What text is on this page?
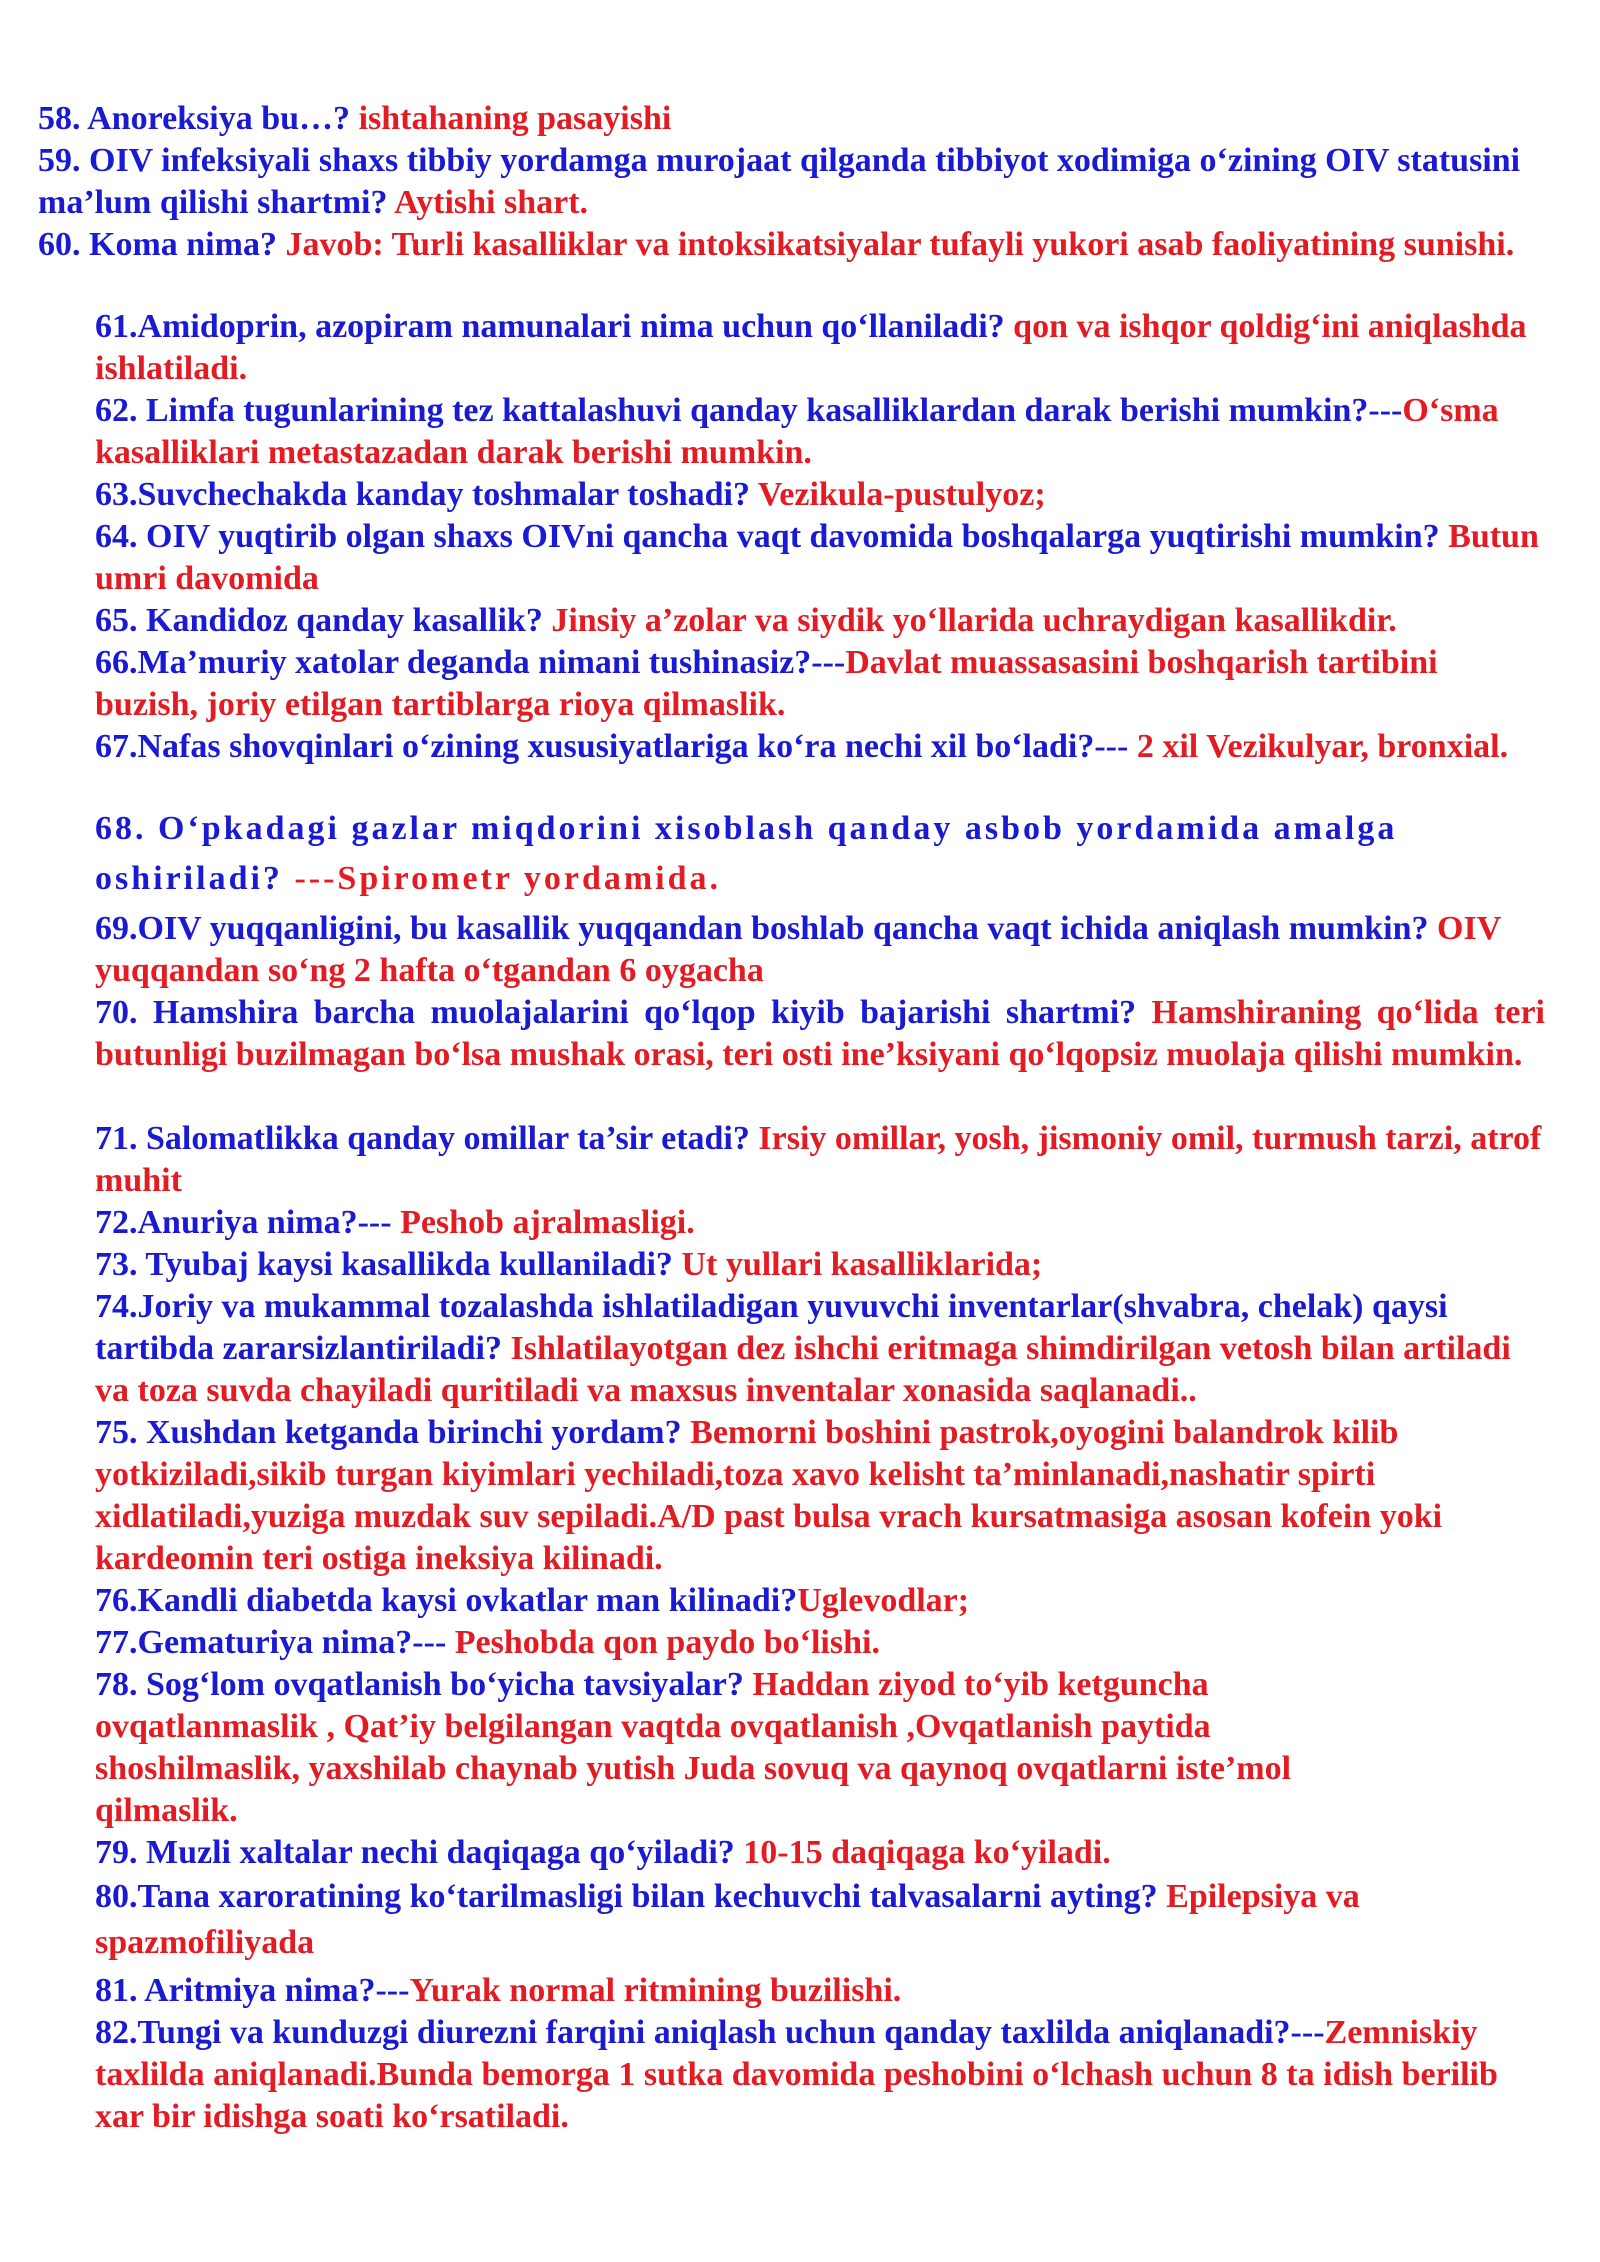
58. Anoreksiya bu…? ishtahaning pasayishi

59. OIV infeksiyali shaxs tibbiy yordamga murojaat qilganda tibbiyot xodimiga o‘zining OIV statusini ma’lum qilishi shartmi? Aytishi shart.

60. Koma nima? Javob: Turli kasalliklar va intoksikatsiyalar tufayli yukori asab faoliyatining sunishi.

61.Amidoprin, azopiram namunalari nima uchun qo‘llaniladi? qon va ishqor qoldig‘ini aniqlashda ishlatiladi.

62. Limfa tugunlarining tez kattalashuvi qanday kasalliklardan darak berishi mumkin?---O‘sma kasalliklari metastazadan darak berishi mumkin.

63.Suvchechakda kanday toshmalar toshadi? Vezikula-pustulyoz;

64. OIV yuqtirib olgan shaxs OIVni qancha vaqt davomida boshqalarga yuqtirishi mumkin? Butun umri davomida

65. Kandidoz qanday kasallik? Jinsiy a’zolar va siydik yo‘llarida uchraydigan kasallikdir.

66.Ma’muriy xatolar deganda nimani tushinasiz?---Davlat muassasasini boshqarish tartibini buzish, joriy etilgan tartiblarga rioya qilmaslik.

67.Nafas shovqinlari o‘zining xususiyatlariga ko‘ra nechi xil bo‘ladi?--- 2 xil Vezikulyar, bronxial.

68. O‘pkadagi gazlar miqdorini xisoblash qanday asbob yordamida amalga oshiriladi? ---Spirometr yordamida.

69.OIV yuqqanligini, bu kasallik yuqqandan boshlab qancha vaqt ichida aniqlash mumkin? OIV yuqqandan so‘ng 2 hafta o‘tgandan 6 oygacha

70. Hamshira barcha muolajalarini qo‘lqop kiyib bajarishi shartmi? Hamshiraning qo‘lida teri butunligi buzilmagan bo‘lsa mushak orasi, teri osti ine’ksiyani qo‘lqopsiz muolaja qilishi mumkin.

71. Salomatlikka qanday omillar ta’sir etadi? Irsiy omillar, yosh, jismoniy omil, turmush tarzi, atrof muhit

72.Anuriya nima?--- Peshob ajralmasligi.

73. Tyubaj kaysi kasallikda kullaniladi? Ut yullari kasalliklarida;

74.Joriy va mukammal tozalashda ishlatiladigan yuvuvchi inventarlar(shvabra, chelak) qaysi tartibda zararsizlantiriladi? Ishlatilayotgan dez ishchi eritmaga shimdirilgan vetosh bilan artiladi va toza suvda chayiladi quritiladi va maxsus inventalar xonasida saqlanadi..

75. Xushdan ketganda birinchi yordam? Bemorni boshini pastrok,oyogini balandrok kilib yotkiziladi,sikib turgan kiyimlari yechiladi,toza xavo kelisht ta’minlanadi,nashatir spirti xidlatiladi,yuziga muzdak suv sepiladi.A/D past bulsa vrach kursatmasiga asosan kofein yoki kardeomin teri ostiga ineksiya kilinadi.

76.Kandli diabetda kaysi ovkatlar man kilinadi?Uglevodlar;

77.Gematuriya nima?--- Peshobda qon paydo bo‘lishi.

78. Sog‘lom ovqatlanish bo‘yicha tavsiyalar? Haddan ziyod to‘yib ketguncha ovqatlanmaslik , Qat’iy belgilangan vaqtda ovqatlanish ,Ovqatlanish paytida shoshilmaslik, yaxshilab chaynab yutish Juda sovuq va qaynoq ovqatlarni iste’mol qilmaslik.

79. Muzli xaltalar nechi daqiqaga qo‘yiladi? 10-15 daqiqaga ko‘yiladi.

80.Tana xaroratining ko‘tarilmasligi bilan kechuvchi talvasalarni ayting? Epilepsiya va spazmofiliyada

81. Aritmiya nima?---Yurak normal ritmining buzilishi.

82.Tungi va kunduzgi diurezni farqini aniqlash uchun qanday taxlilda aniqlanadi?---Zemniskiy taxlilda aniqlanadi.Bunda bemorga 1 sutka davomida peshobini o‘lchash uchun 8 ta idish berilib xar bir idishga soati ko‘rsatiladi.
